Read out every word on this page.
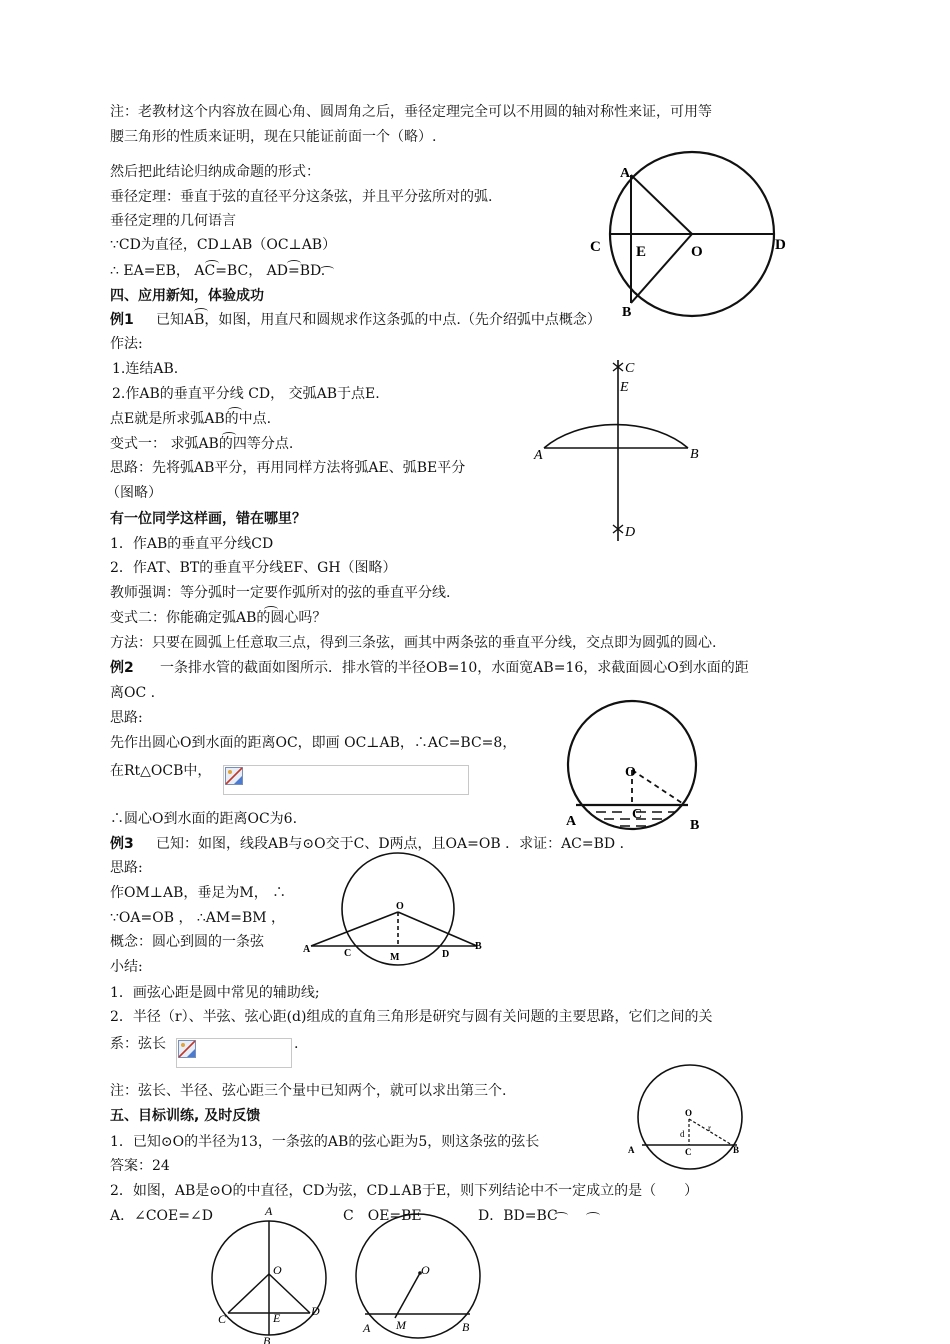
注：老教材这个内容放在圆心角、圆周角之后，垂径定理完全可以不用圆的轴对称性来证，可用等
腰三角形的性质来证明，现在只能证前面一个（略）.
然后把此结论归纳成命题的形式：
垂径定理：垂直于弦的直径平分这条弦，并且平分弦所对的弧.
垂径定理的几何语言
∵CD为直径，CD⊥AB（OC⊥AB）
∴ EA=EB， AC=BC， AD=BD.
四、应用新知，体验成功
例1 已知AB，如图，用直尺和圆规求作这条弧的中点.（先介绍弧中点概念）
作法:
1.连结AB.
2.作AB的垂直平分线 CD， 交弧AB于点E.
点E就是所求弧AB的中点.
变式一： 求弧AB的四等分点.
思路：先将弧AB平分，再用同样方法将弧AE、弧BE平分
（图略）
有一位同学这样画，错在哪里？
1．作AB的垂直平分线CD
2．作AT、BT的垂直平分线EF、GH（图略）
教师强调：等分弧时一定要作弧所对的弦的垂直平分线.
变式二：你能确定弧AB的圆心吗？
方法：只要在圆弧上任意取三点，得到三条弦，画其中两条弦的垂直平分线，交点即为圆弧的圆心.
例2 一条排水管的截面如图所示．排水管的半径OB=10，水面宽AB=16，求截面圆心O到水面的距
离OC .
思路:
先作出圆心O到水面的距离OC，即画 OC⊥AB，∴AC=BC=8，
在Rt△OCB中，
∴圆心O到水面的距离OC为6.
例3 已知：如图，线段AB与⊙O交于C、D两点，且OA=OB ．求证：AC=BD ．
思路:
作OM⊥AB，垂足为M， ∴
∵OA=OB ， ∴AM=BM ，
概念：圆心到圆的一条弦
小结:
1．画弦心距是圆中常见的辅助线;
2．半径（r）、半弦、弦心距(d)组成的直角三角形是研究与圆有关问题的主要思路，它们之间的关
系：弦长	.
注：弦长、半径、弦心距三个量中已知两个，就可以求出第三个.
五、目标训练, 及时反馈
1．已知⊙O的半径为13，一条弦的AB的弦心距为5，则这条弦的弦长
答案：24
2．如图，AB是⊙O的中直径，CD为弦，CD⊥AB于E，则下列结论中不一定成立的是（　　）
A．∠COE=∠D	C　OE=BE	D．BD=BC
A
B
C	D
E	O
C
E
A	B
D
O
C
A	B
O
A	B
C	D
M
O
d
r
A	B
C
A
B
C
D
E
O	O
A	B
M
